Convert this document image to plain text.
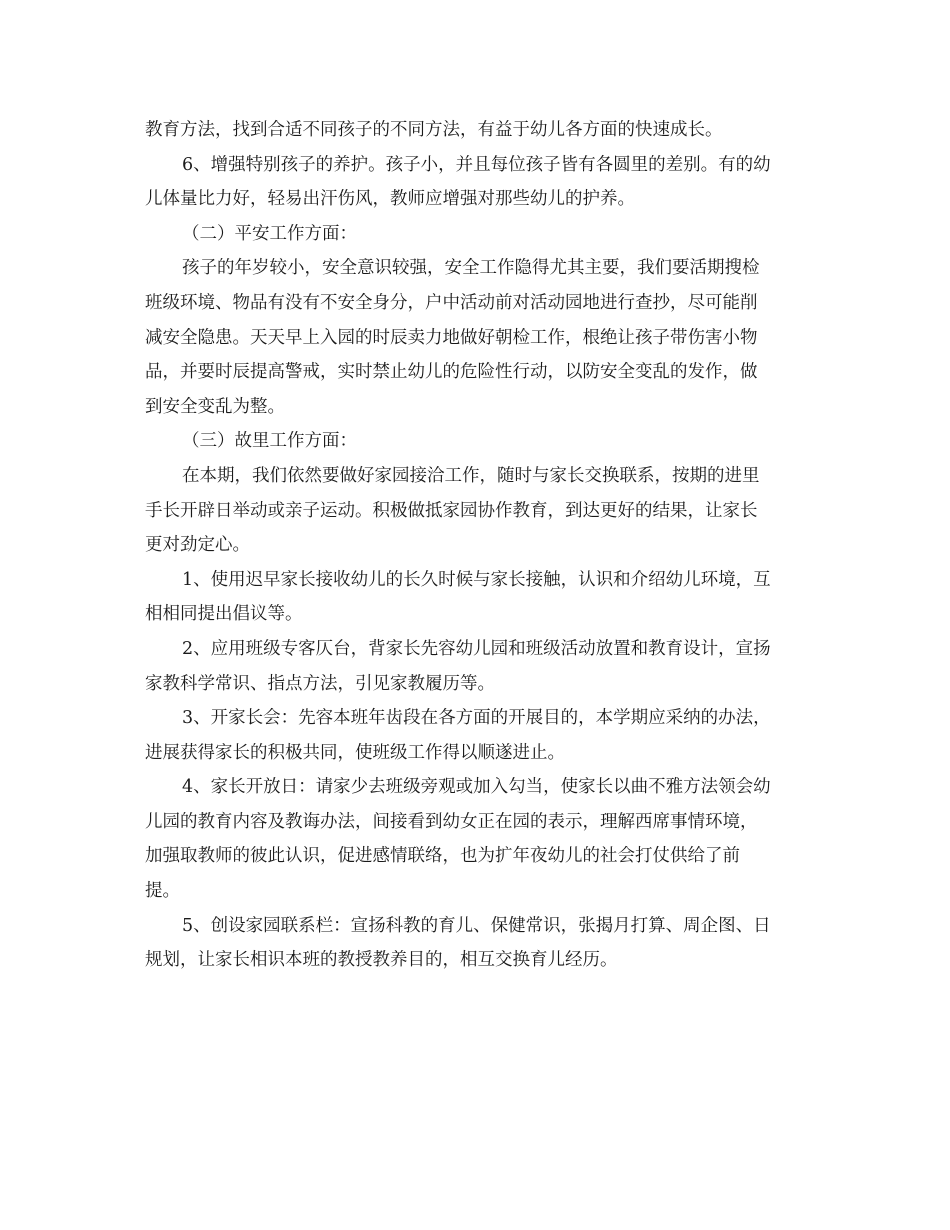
教育方法，找到合适不同孩子的不同方法，有益于幼儿各方面的快速成长。

6、增强特别孩子的养护。孩子小，并且每位孩子皆有各圆里的差别。有的幼

儿体量比力好，轻易出汗伤风，教师应增强对那些幼儿的护养。

（二）平安工作方面：

孩子的年岁较小，安全意识较强，安全工作隐得尤其主要，我们要活期搜检

班级环境、物品有没有不安全身分，户中活动前对活动园地进行查抄，尽可能削

减安全隐患。天天早上入园的时辰卖力地做好朝检工作，根绝让孩子带伤害小物

品，并要时辰提高警戒，实时禁止幼儿的危险性行动，以防安全变乱的发作，做

到安全变乱为整。

（三）故里工作方面：

在本期，我们依然要做好家园接洽工作，随时与家长交换联系，按期的进里

手长开辟日举动或亲子运动。积极做抵家园协作教育，到达更好的结果，让家长

更对劲定心。

1、使用迟早家长接收幼儿的长久时候与家长接触，认识和介绍幼儿环境，互

相相同提出倡议等。

2、应用班级专客仄台，背家长先容幼儿园和班级活动放置和教育设计，宣扬

家教科学常识、指点方法，引见家教履历等。

3、开家长会：先容本班年齿段在各方面的开展目的，本学期应采纳的办法，

进展获得家长的积极共同，使班级工作得以顺遂进止。

4、家长开放日：请家少去班级旁观或加入勾当，使家长以曲不雅方法领会幼

儿园的教育内容及教诲办法，间接看到幼女正在园的表示，理解西席事情环境，

加强取教师的彼此认识，促进感情联络，也为扩年夜幼儿的社会打仗供给了前

提。

5、创设家园联系栏：宣扬科教的育儿、保健常识，张揭月打算、周企图、日

规划，让家长相识本班的教授教养目的，相互交换育儿经历。
